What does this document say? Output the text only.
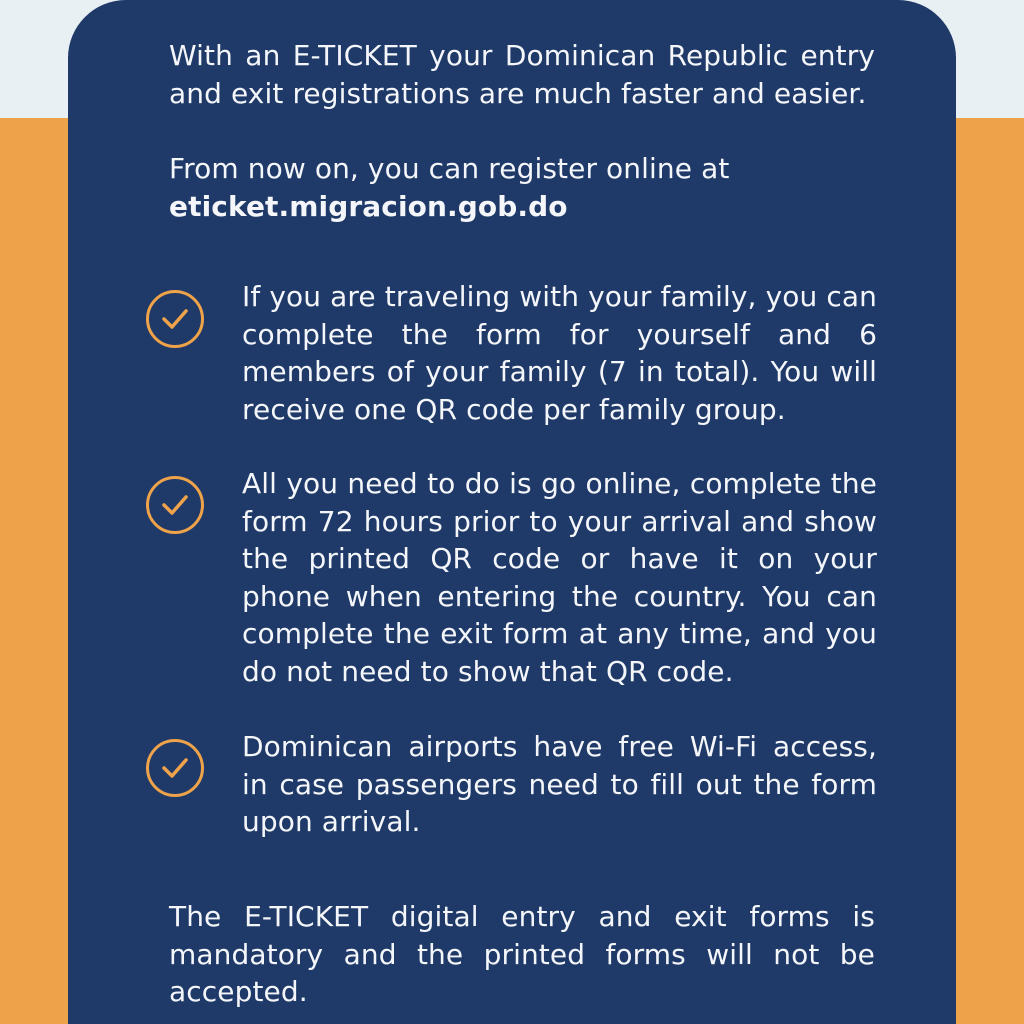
With an E-TICKET your Dominican Republic entry and exit registrations are much faster and easier.
From now on, you can register online at
eticket.migracion.gob.do
If you are traveling with your family, you can complete the form for yourself and 6 members of your family (7 in total). You will receive one QR code per family group.
All you need to do is go online, complete the form 72 hours prior to your arrival and show the printed QR code or have it on your phone when entering the country. You can complete the exit form at any time, and you do not need to show that QR code.
Dominican airports have free Wi-Fi access, in case passengers need to fill out the form upon arrival.
The E-TICKET digital entry and exit forms is mandatory and the printed forms will not be accepted.
